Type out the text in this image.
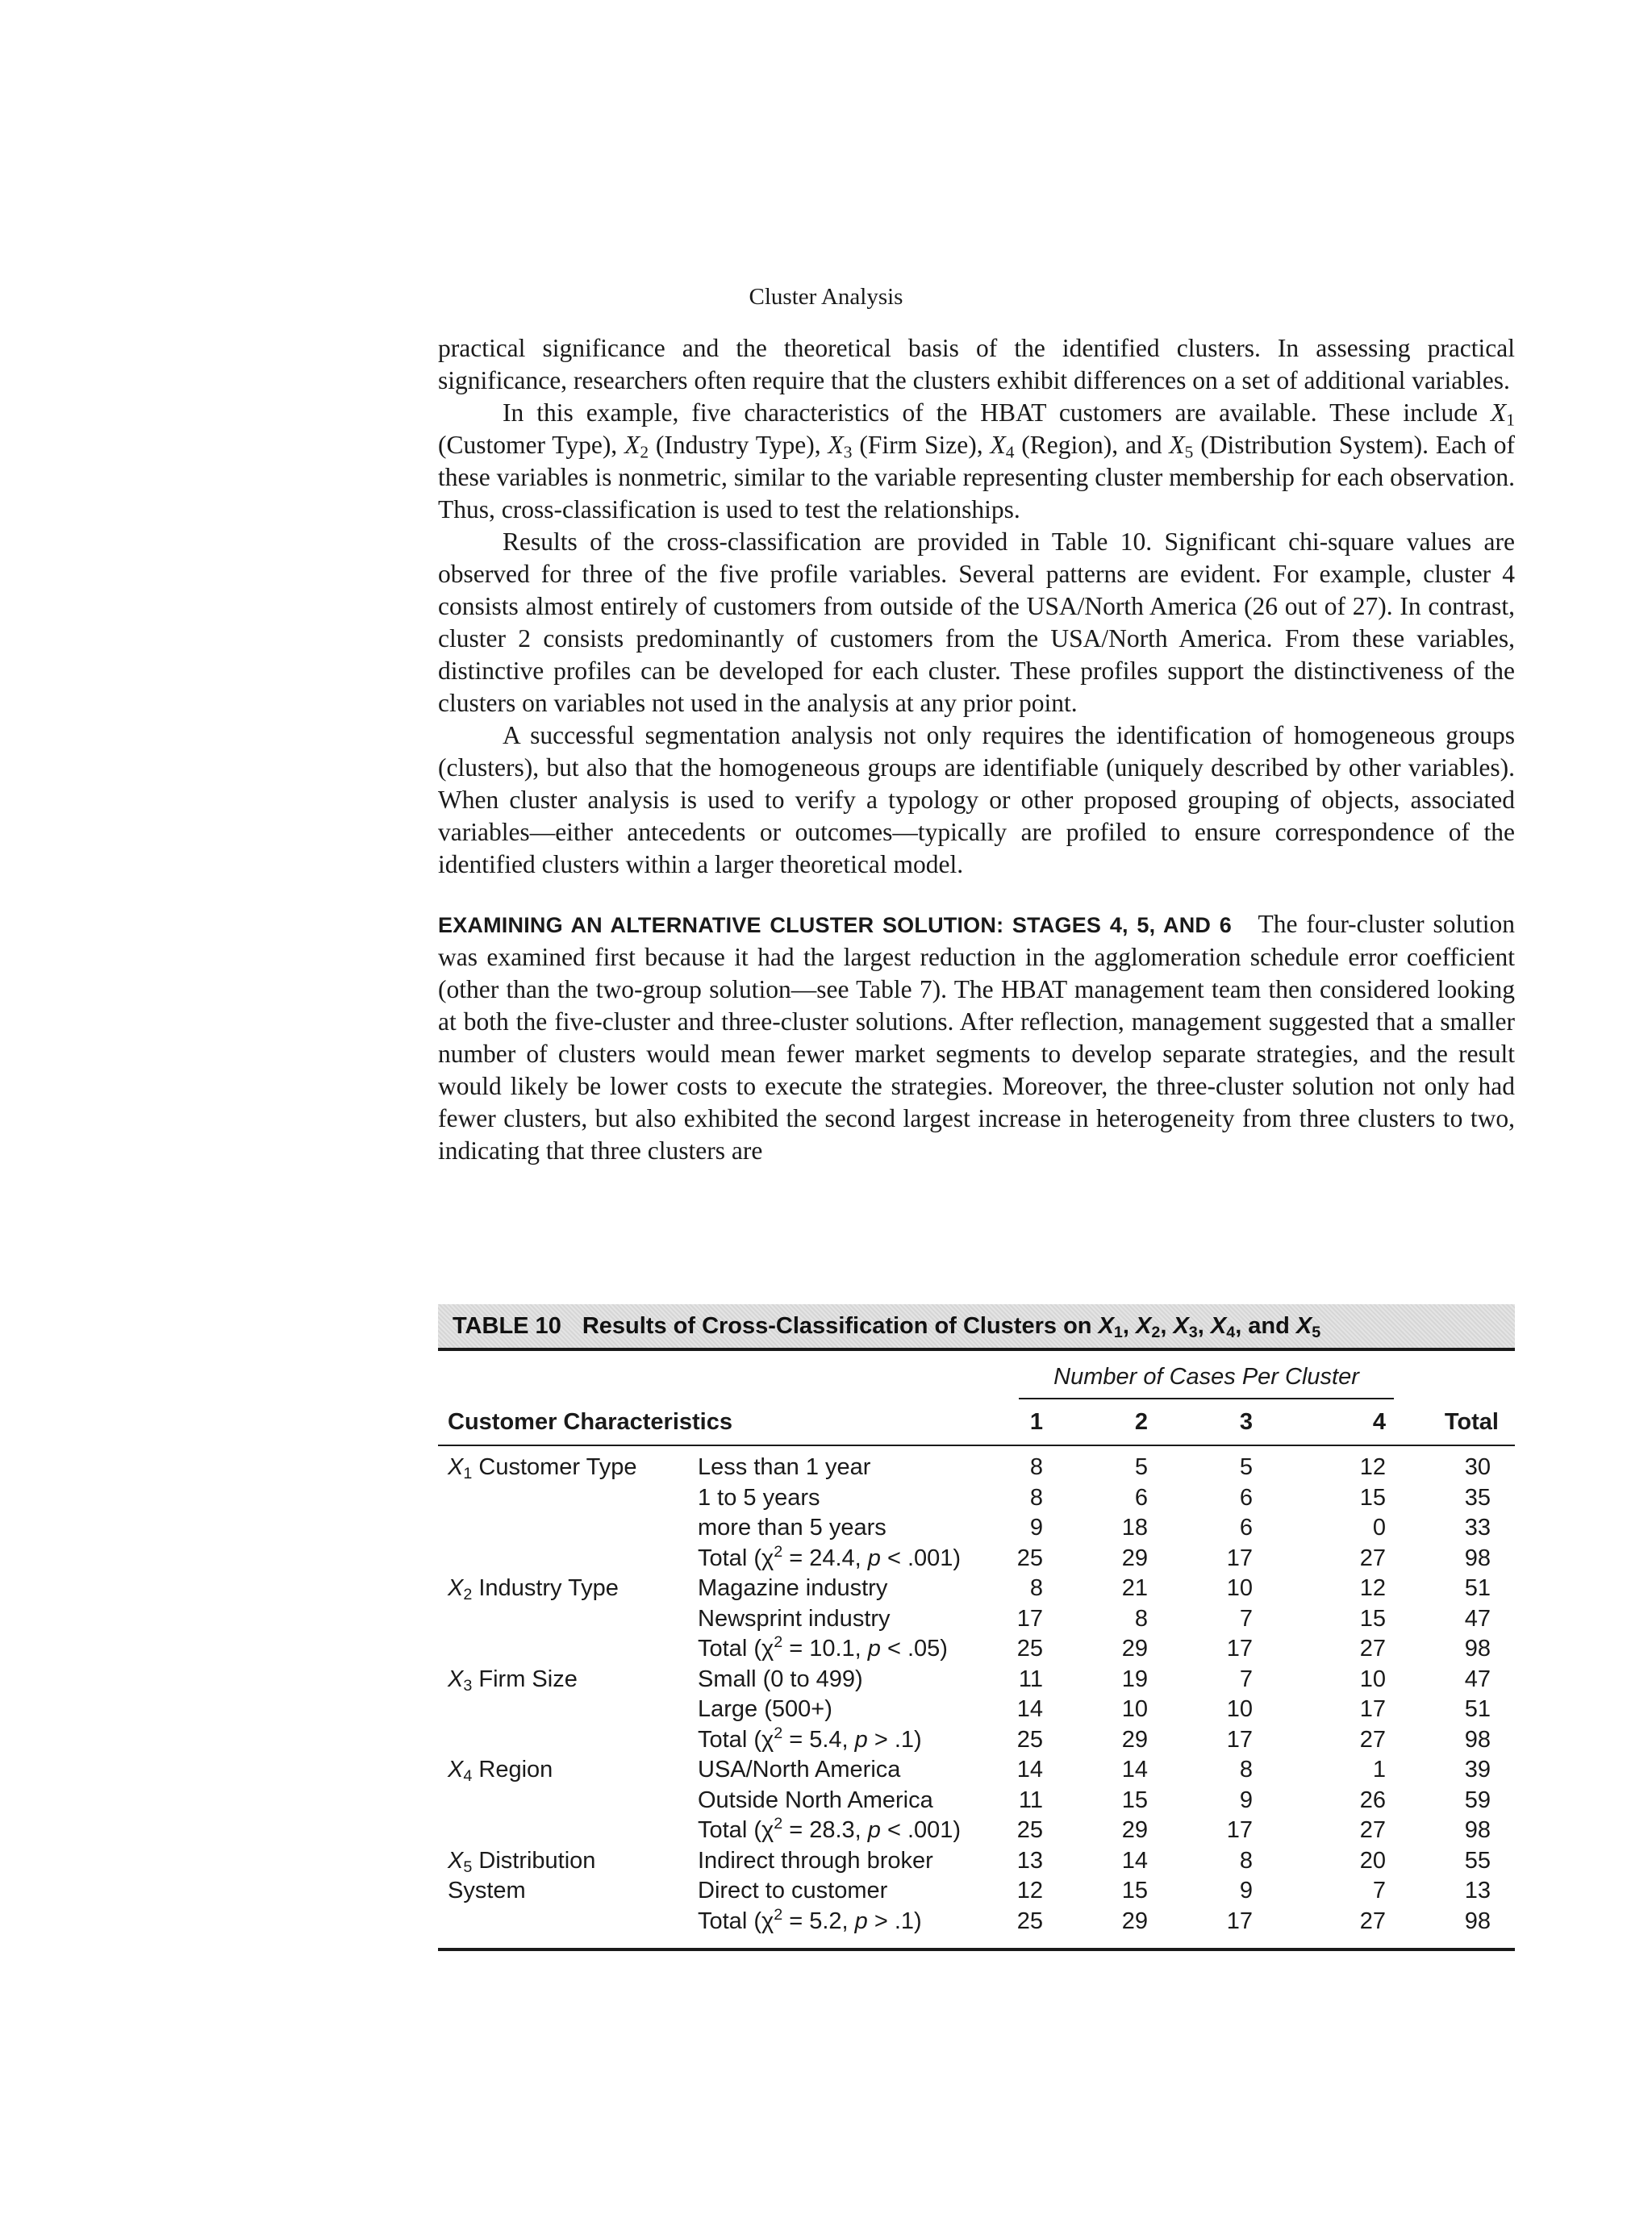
Cluster Analysis

practical significance and the theoretical basis of the identified clusters. In assessing practical significance, researchers often require that the clusters exhibit differences on a set of additional variables.

In this example, five characteristics of the HBAT customers are available. These include $X_1$ (Customer Type), $X_2$ (Industry Type), $X_3$ (Firm Size), $X_4$ (Region), and $X_5$ (Distribution System). Each of these variables is nonmetric, similar to the variable representing cluster membership for each observation. Thus, cross-classification is used to test the relationships.

Results of the cross-classification are provided in Table 10. Significant chi-square values are observed for three of the five profile variables. Several patterns are evident. For example, cluster 4 consists almost entirely of customers from outside of the USA/North America (26 out of 27). In contrast, cluster 2 consists predominantly of customers from the USA/North America. From these variables, distinctive profiles can be developed for each cluster. These profiles support the distinctiveness of the clusters on variables not used in the analysis at any prior point.

A successful segmentation analysis not only requires the identification of homogeneous groups (clusters), but also that the homogeneous groups are identifiable (uniquely described by other variables). When cluster analysis is used to verify a typology or other proposed grouping of objects, associated variables—either antecedents or outcomes—typically are profiled to ensure correspondence of the identified clusters within a larger theoretical model.

EXAMINING AN ALTERNATIVE CLUSTER SOLUTION: STAGES 4, 5, AND 6 The four-cluster solution was examined first because it had the largest reduction in the agglomeration schedule error coefficient (other than the two-group solution—see Table 7). The HBAT management team then considered looking at both the five-cluster and three-cluster solutions. After reflection, management suggested that a smaller number of clusters would mean fewer market segments to develop separate strategies, and the result would likely be lower costs to execute the strategies. Moreover, the three-cluster solution not only had fewer clusters, but also exhibited the second largest increase in heterogeneity from three clusters to two, indicating that three clusters are

TABLE 10 Results of Cross-Classification of Clusters on $X_1$, $X_2$, $X_3$, $X_4$, and $X_5$
Number of Cases Per Cluster
Customer Characteristics	1	2	3	4	Total
$X_1$ Customer Type	Less than 1 year	8	5	5	12	30
1 to 5 years	8	6	6	15	35
more than 5 years	9	18	6	0	33
Total ($\chi^2 = 24.4$, p < .001)	25	29	17	27	98
$X_2$ Industry Type	Magazine industry	8	21	10	12	51
Newsprint industry	17	8	7	15	47
Total ($\chi^2 = 10.1$, p < .05)	25	29	17	27	98
$X_3$ Firm Size	Small (0 to 499)	11	19	7	10	47
Large (500+)	14	10	10	17	51
Total ($\chi^2 = 5.4$, p > .1)	25	29	17	27	98
$X_4$ Region	USA/North America	14	14	8	1	39
Outside North America	11	15	9	26	59
Total ($\chi^2 = 28.3$, p < .001)	25	29	17	27	98
$X_5$ Distribution	Indirect through broker	13	14	8	20	55
System	Direct to customer	12	15	9	7	13
Total ($\chi^2 = 5.2$, p > .1)	25	29	17	27	98
